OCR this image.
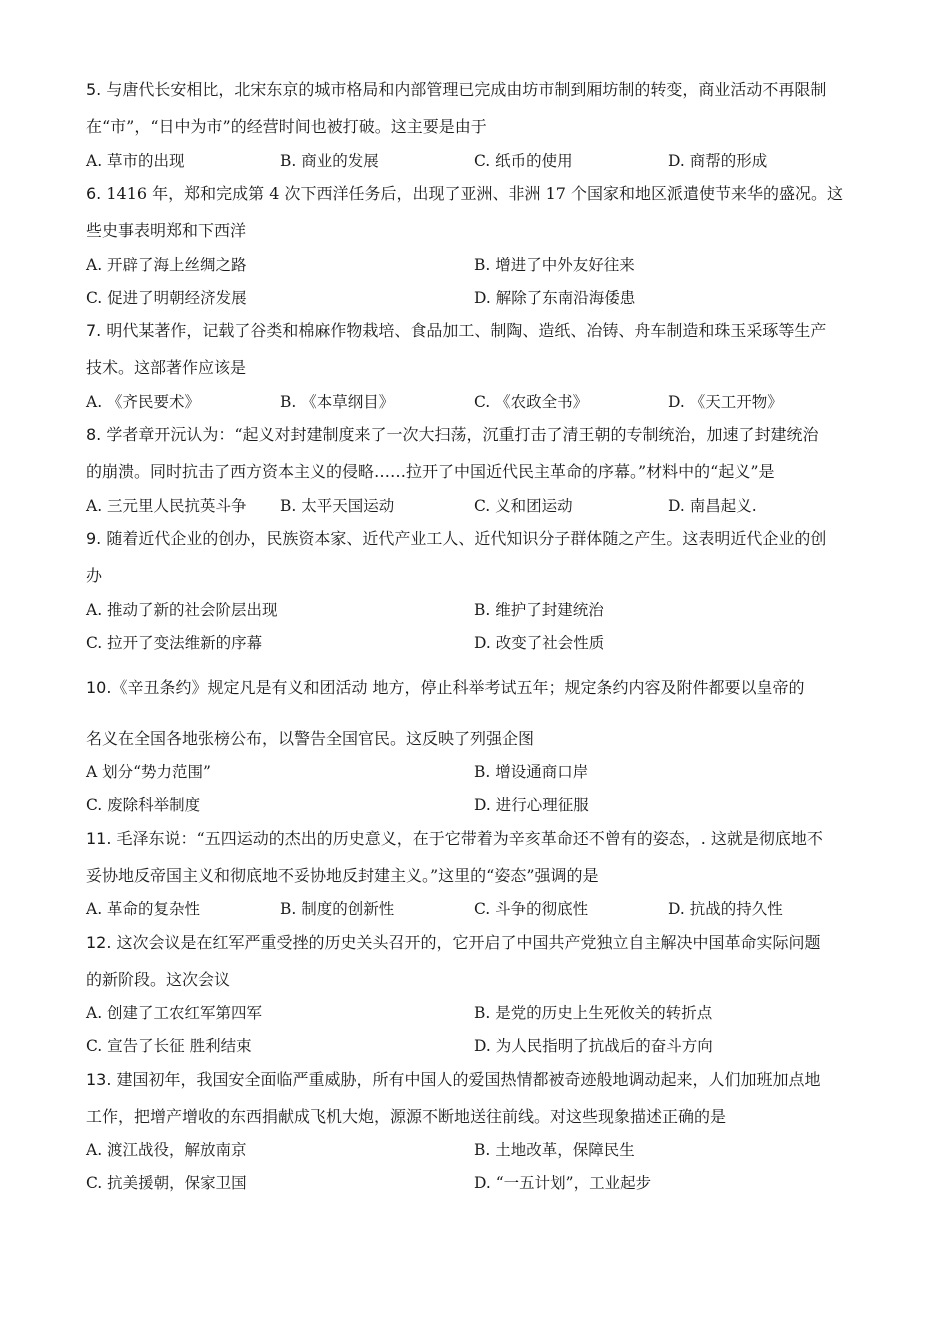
5. 与唐代长安相比，北宋东京的城市格局和内部管理已完成由坊市制到厢坊制的转变，商业活动不再限制
在“市”，“日中为市”的经营时间也被打破。这主要是由于
A. 草市的出现	B. 商业的发展	C. 纸币的使用	D. 商帮的形成
6. 1416 年，郑和完成第 4 次下西洋任务后，出现了亚洲、非洲 17 个国家和地区派遣使节来华的盛况。这
些史事表明郑和下西洋
A. 开辟了海上丝绸之路	B. 增进了中外友好往来
C. 促进了明朝经济发展	D. 解除了东南沿海倭患
7. 明代某著作，记载了谷类和棉麻作物栽培、食品加工、制陶、造纸、冶铸、舟车制造和珠玉采琢等生产
技术。这部著作应该是
A. 《齐民要术》	B. 《本草纲目》	C. 《农政全书》	D. 《天工开物》
8. 学者章开沅认为：“起义对封建制度来了一次大扫荡，沉重打击了清王朝的专制统治，加速了封建统治
的崩溃。同时抗击了西方资本主义的侵略……拉开了中国近代民主革命的序幕。”材料中的“起义”是
A. 三元里人民抗英斗争 B. 太平天国运动	C. 义和团运动	D. 南昌起义.
9. 随着近代企业的创办，民族资本家、近代产业工人、近代知识分子群体随之产生。这表明近代企业的创
办
A. 推动了新的社会阶层出现	B. 维护了封建统治
C. 拉开了变法维新的序幕	D. 改变了社会性质
10.《辛丑条约》规定凡是有义和团活动 地方，停止科举考试五年；规定条约内容及附件都要以皇帝的
名义在全国各地张榜公布，以警告全国官民。这反映了列强企图
A 划分“势力范围”	B. 增设通商口岸
C. 废除科举制度	D. 进行心理征服
11. 毛泽东说：“五四运动的杰出的历史意义，在于它带着为辛亥革命还不曾有的姿态，. 这就是彻底地不
妥协地反帝国主义和彻底地不妥协地反封建主义。”这里的“姿态”强调的是
A. 革命的复杂性	B. 制度的创新性	C. 斗争的彻底性	D. 抗战的持久性
12. 这次会议是在红军严重受挫的历史关头召开的，它开启了中国共产党独立自主解决中国革命实际问题
的新阶段。这次会议
A. 创建了工农红军第四军	B. 是党的历史上生死攸关的转折点
C. 宣告了长征 胜利结束	D. 为人民指明了抗战后的奋斗方向
13. 建国初年，我国安全面临严重威胁，所有中国人的爱国热情都被奇迹般地调动起来，人们加班加点地
工作，把增产增收的东西捐献成飞机大炮，源源不断地送往前线。对这些现象描述正确的是
A. 渡江战役，解放南京	B. 土地改革，保障民生
C. 抗美援朝，保家卫国	D. “一五计划”，工业起步
